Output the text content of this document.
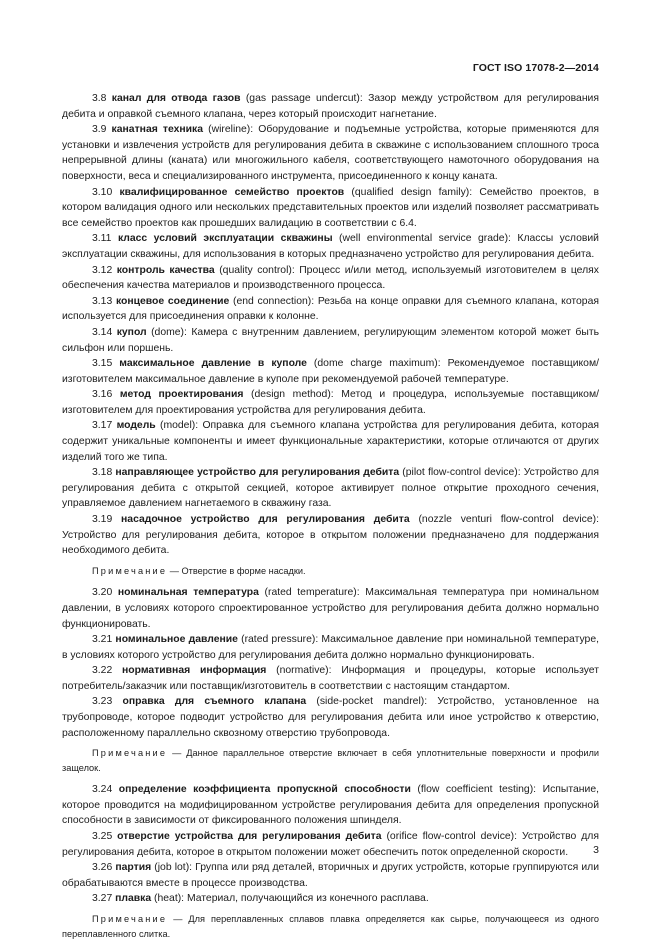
ГОСТ ISO 17078-2—2014

3.8 канал для отвода газов (gas passage undercut): Зазор между устройством для регулирования дебита и оправкой съемного клапана, через который происходит нагнетание.

3.9 канатная техника (wireline): Оборудование и подъемные устройства, которые применяются для установки и извлечения устройств для регулирования дебита в скважине с использованием сплошного троса непрерывной длины (каната) или многожильного кабеля, соответствующего намоточного оборудования на поверхности, веса и специализированного инструмента, присоединенного к концу каната.

3.10 квалифицированное семейство проектов (qualified design family): Семейство проектов, в котором валидация одного или нескольких представительных проектов или изделий позволяет рассматривать все семейство проектов как прошедших валидацию в соответствии с 6.4.

3.11 класс условий эксплуатации скважины (well environmental service grade): Классы условий эксплуатации скважины, для использования в которых предназначено устройство для регулирования дебита.

3.12 контроль качества (quality control): Процесс и/или метод, используемый изготовителем в целях обеспечения качества материалов и производственного процесса.

3.13 концевое соединение (end connection): Резьба на конце оправки для съемного клапана, которая используется для присоединения оправки к колонне.

3.14 купол (dome): Камера с внутренним давлением, регулирующим элементом которой может быть сильфон или поршень.

3.15 максимальное давление в куполе (dome charge maximum): Рекомендуемое поставщиком/изготовителем максимальное давление в куполе при рекомендуемой рабочей температуре.

3.16 метод проектирования (design method): Метод и процедура, используемые поставщиком/изготовителем для проектирования устройства для регулирования дебита.

3.17 модель (model): Оправка для съемного клапана устройства для регулирования дебита, которая содержит уникальные компоненты и имеет функциональные характеристики, которые отличаются от других изделий того же типа.

3.18 направляющее устройство для регулирования дебита (pilot flow-control device): Устройство для регулирования дебита с открытой секцией, которое активирует полное открытие проходного сечения, управляемое давлением нагнетаемого в скважину газа.

3.19 насадочное устройство для регулирования дебита (nozzle venturi flow-control device): Устройство для регулирования дебита, которое в открытом положении предназначено для поддержания необходимого дебита.

Примечание — Отверстие в форме насадки.

3.20 номинальная температура (rated temperature): Максимальная температура при номинальном давлении, в условиях которого спроектированное устройство для регулирования дебита должно нормально функционировать.

3.21 номинальное давление (rated pressure): Максимальное давление при номинальной температуре, в условиях которого устройство для регулирования дебита должно нормально функционировать.

3.22 нормативная информация (normative): Информация и процедуры, которые использует потребитель/заказчик или поставщик/изготовитель в соответствии с настоящим стандартом.

3.23 оправка для съемного клапана (side-pocket mandrel): Устройство, установленное на трубопроводе, которое подводит устройство для регулирования дебита или иное устройство к отверстию, расположенному параллельно сквозному отверстию трубопровода.

Примечание — Данное параллельное отверстие включает в себя уплотнительные поверхности и профили защелок.

3.24 определение коэффициента пропускной способности (flow coefficient testing): Испытание, которое проводится на модифицированном устройстве регулирования дебита для определения пропускной способности в зависимости от фиксированного положения шпинделя.

3.25 отверстие устройства для регулирования дебита (orifice flow-control device): Устройство для регулирования дебита, которое в открытом положении может обеспечить поток определенной скорости.

3.26 партия (job lot): Группа или ряд деталей, вторичных и других устройств, которые группируются или обрабатываются вместе в процессе производства.

3.27 плавка (heat): Материал, получающийся из конечного расплава.

Примечание — Для переплавленных сплавов плавка определяется как сырье, получающееся из одного переплавленного слитка.
3
